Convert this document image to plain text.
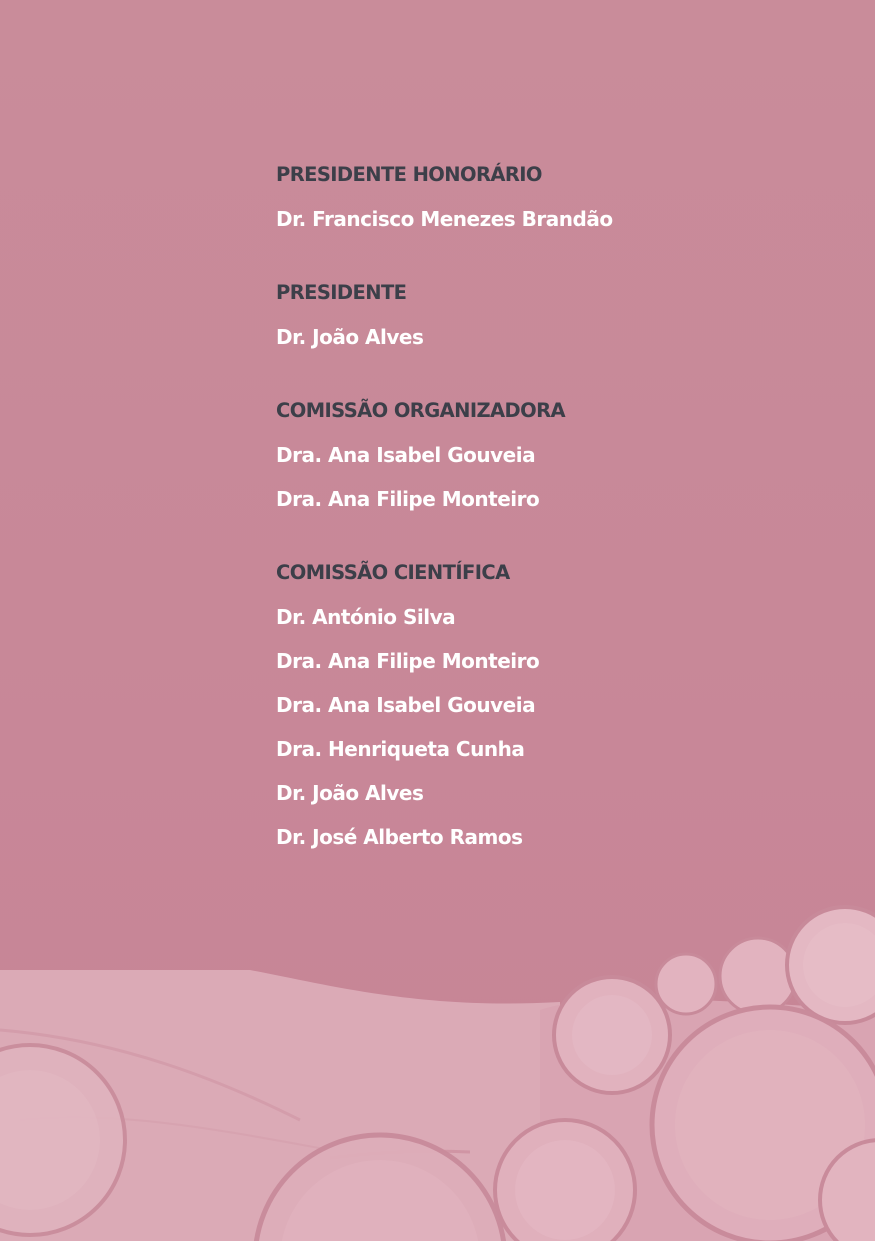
PRESIDENTE HONORÁRIO
Dr. Francisco Menezes Brandão
PRESIDENTE
Dr. João Alves
COMISSÃO ORGANIZADORA
Dra. Ana Isabel Gouveia
Dra. Ana Filipe Monteiro
COMISSÃO CIENTÍFICA
Dr. António Silva
Dra. Ana Filipe Monteiro
Dra. Ana Isabel Gouveia
Dra. Henriqueta Cunha
Dr. João Alves
Dr. José Alberto Ramos
